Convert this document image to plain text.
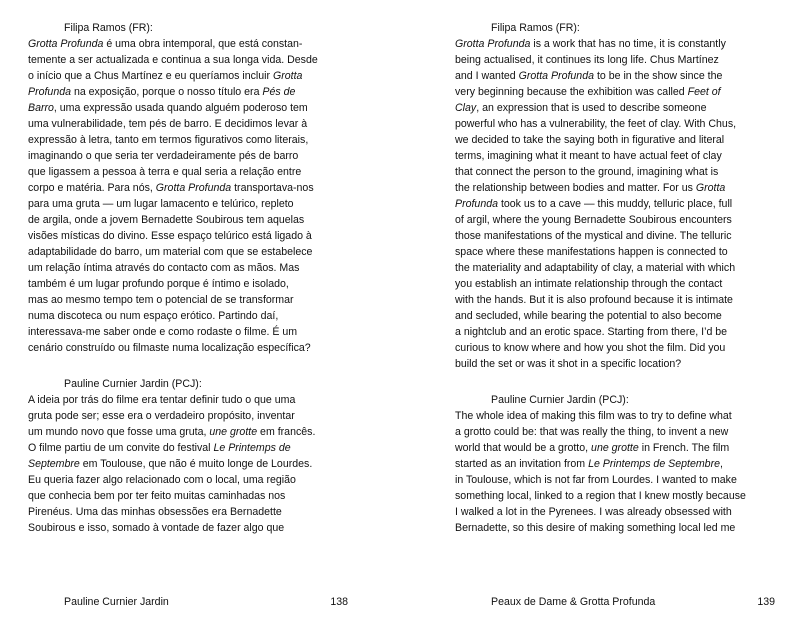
Filipa Ramos (FR):
Grotta Profunda é uma obra intemporal, que está constan-
temente a ser actualizada e continua a sua longa vida. Desde
o início que a Chus Martínez e eu queríamos incluir Grotta
Profunda na exposição, porque o nosso título era Pés de
Barro, uma expressão usada quando alguém poderoso tem
uma vulnerabilidade, tem pés de barro. E decidimos levar à
expressão à letra, tanto em termos figurativos como literais,
imaginando o que seria ter verdadeiramente pés de barro
que ligassem a pessoa à terra e qual seria a relação entre
corpo e matéria. Para nós, Grotta Profunda transportava-nos
para uma gruta — um lugar lamacento e telúrico, repleto
de argila, onde a jovem Bernadette Soubirous tem aquelas
visões místicas do divino. Esse espaço telúrico está ligado à
adaptabilidade do barro, um material com que se estabelece
um relação íntima através do contacto com as mãos. Mas
também é um lugar profundo porque é íntimo e isolado,
mas ao mesmo tempo tem o potencial de se transformar
numa discoteca ou num espaço erótico. Partindo daí,
interessava-me saber onde e como rodaste o filme. É um
cenário construído ou filmaste numa localização específica?
Pauline Curnier Jardin (PCJ):
A ideia por trás do filme era tentar definir tudo o que uma
gruta pode ser; esse era o verdadeiro propósito, inventar
um mundo novo que fosse uma gruta, une grotte em francês.
O filme partiu de um convite do festival Le Printemps de
Septembre em Toulouse, que não é muito longe de Lourdes.
Eu queria fazer algo relacionado com o local, uma região
que conhecia bem por ter feito muitas caminhadas nos
Pirenéus. Uma das minhas obsessões era Bernadette
Soubirous e isso, somado à vontade de fazer algo que
Pauline Curnier Jardin	138
Filipa Ramos (FR):
Grotta Profunda is a work that has no time, it is constantly
being actualised, it continues its long life. Chus Martínez
and I wanted Grotta Profunda to be in the show since the
very beginning because the exhibition was called Feet of
Clay, an expression that is used to describe someone
powerful who has a vulnerability, the feet of clay. With Chus,
we decided to take the saying both in figurative and literal
terms, imagining what it meant to have actual feet of clay
that connect the person to the ground, imagining what is
the relationship between bodies and matter. For us Grotta
Profunda took us to a cave — this muddy, telluric place, full
of argil, where the young Bernadette Soubirous encounters
those manifestations of the mystical and divine. The telluric
space where these manifestations happen is connected to
the materiality and adaptability of clay, a material with which
you establish an intimate relationship through the contact
with the hands. But it is also profound because it is intimate
and secluded, while bearing the potential to also become
a nightclub and an erotic space. Starting from there, I’d be
curious to know where and how you shot the film. Did you
build the set or was it shot in a specific location?
Pauline Curnier Jardin (PCJ):
The whole idea of making this film was to try to define what
a grotto could be: that was really the thing, to invent a new
world that would be a grotto, une grotte in French. The film
started as an invitation from Le Printemps de Septembre,
in Toulouse, which is not far from Lourdes. I wanted to make
something local, linked to a region that I knew mostly because
I walked a lot in the Pyrenees. I was already obsessed with
Bernadette, so this desire of making something local led me
Peaux de Dame & Grotta Profunda	139
